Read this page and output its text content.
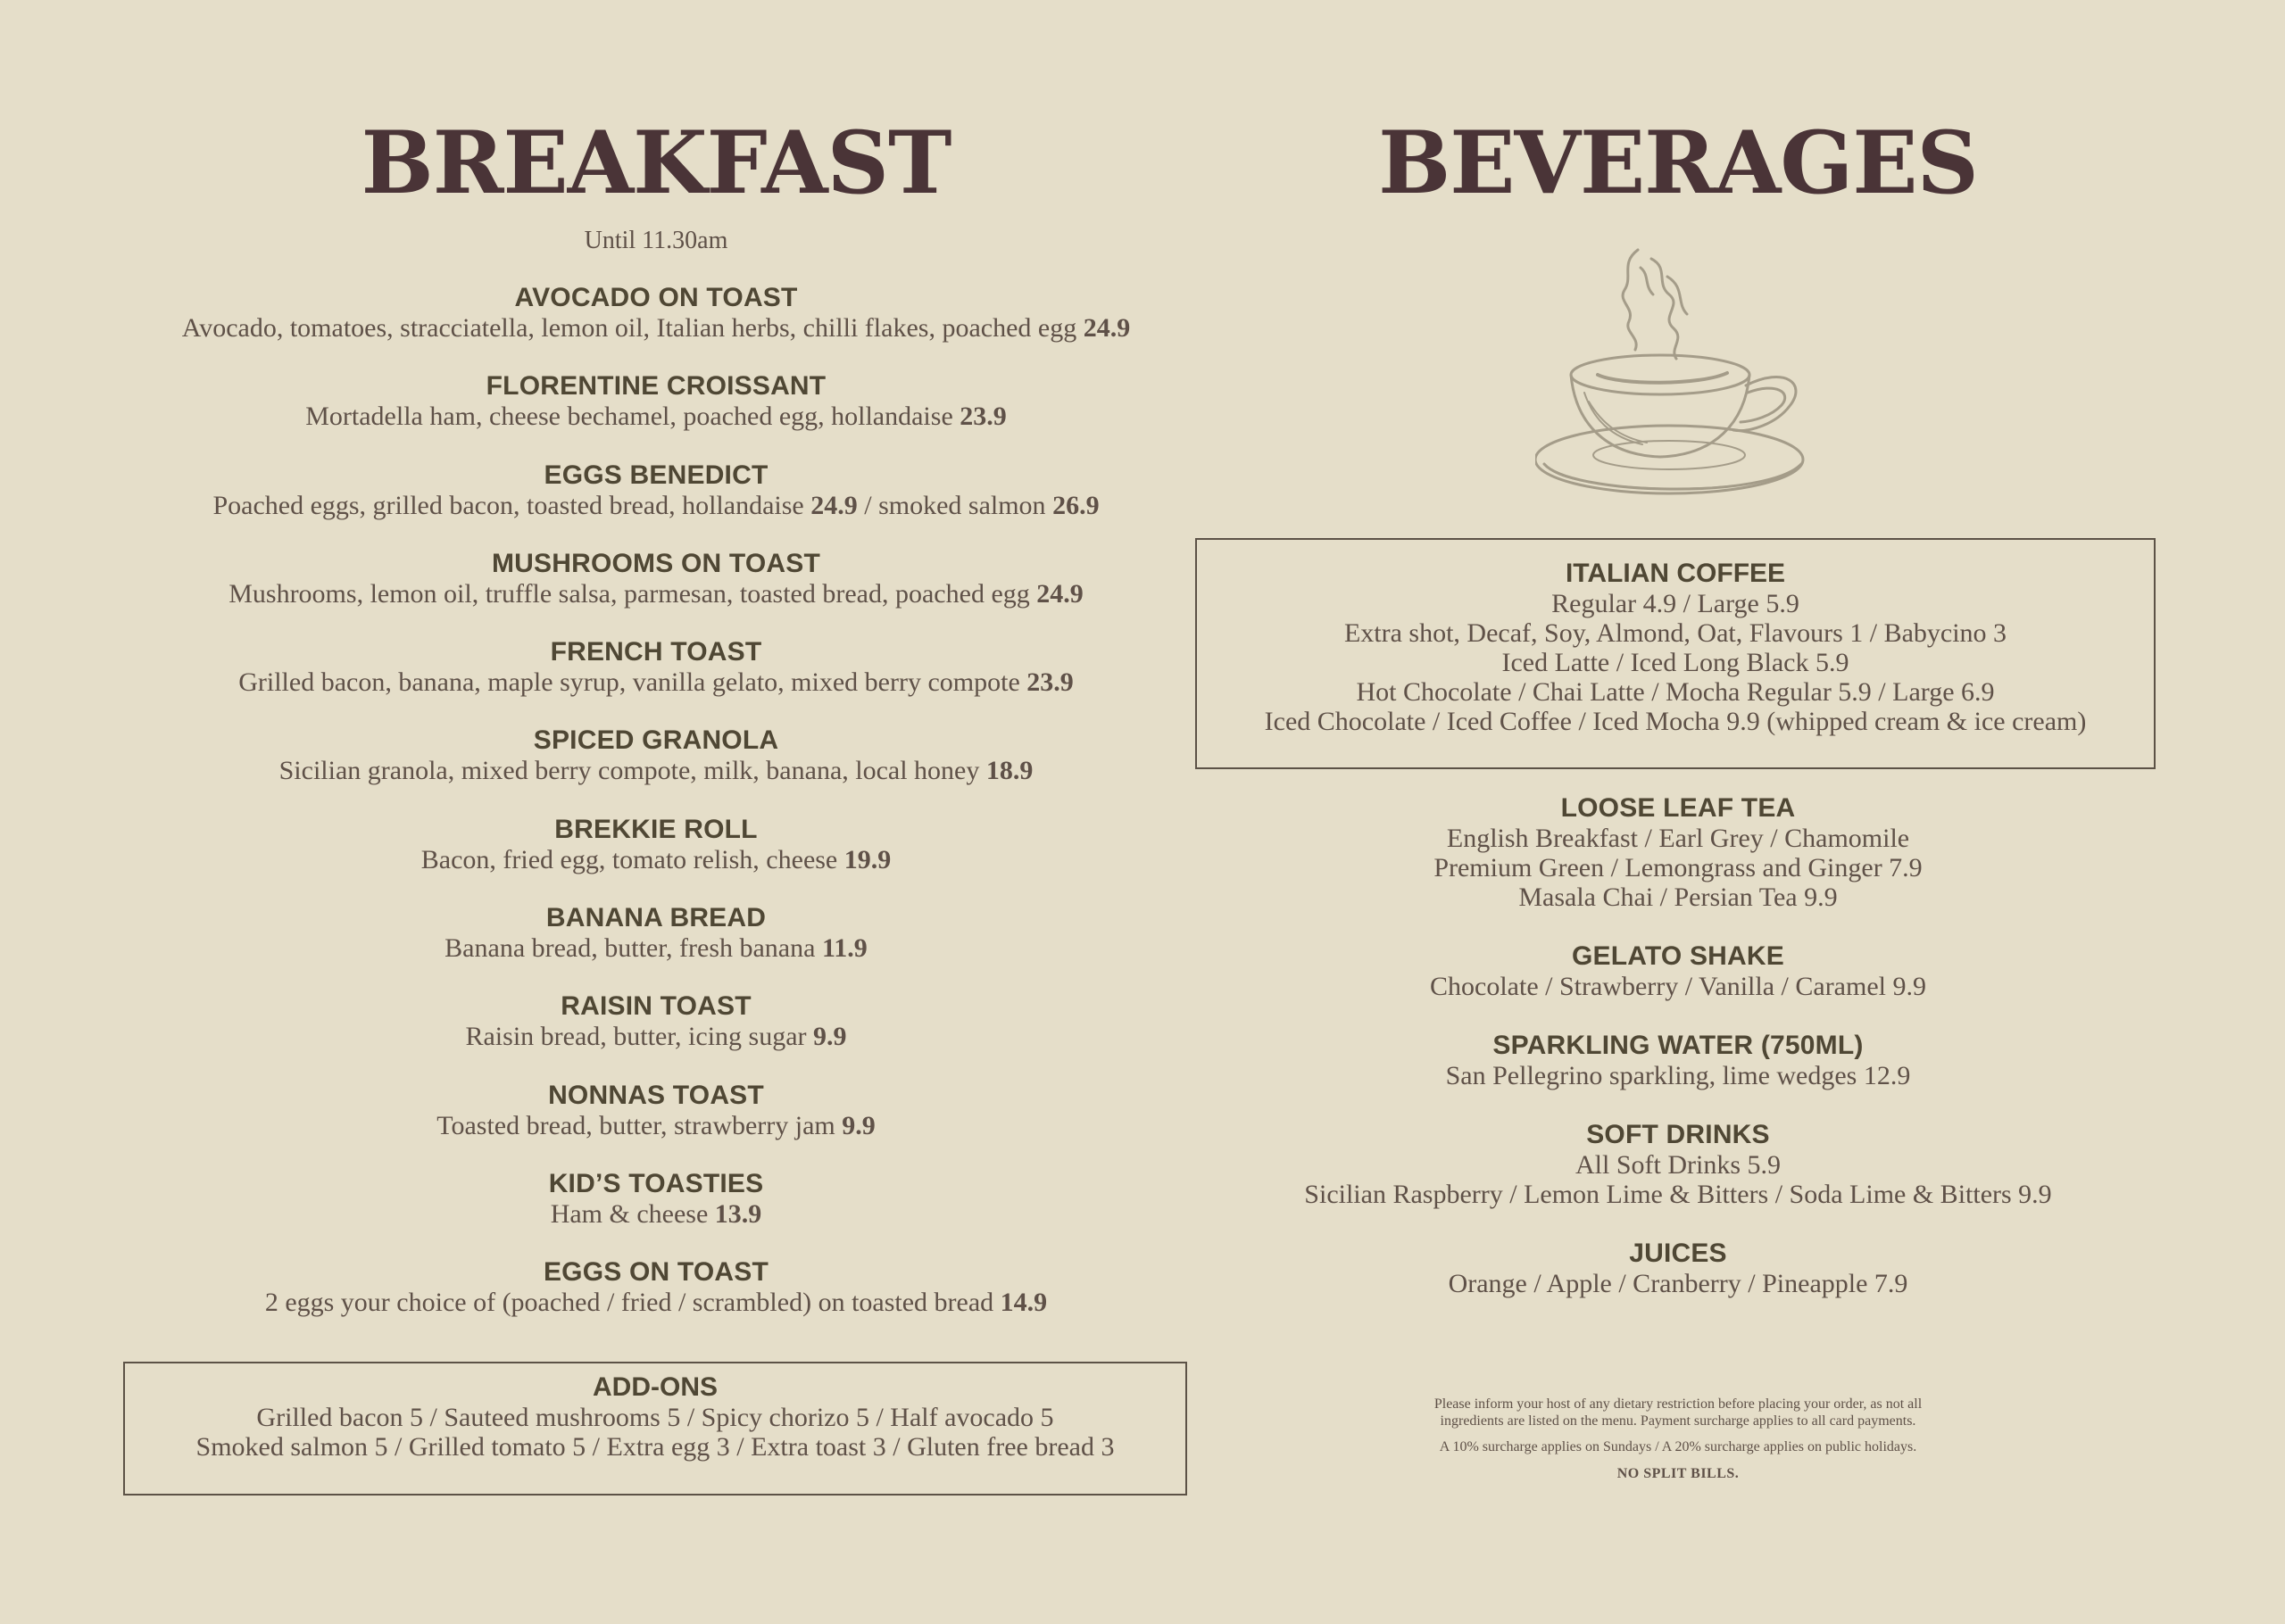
BREAKFAST
Until 11.30am
AVOCADO ON TOAST
Avocado, tomatoes, stracciatella, lemon oil, Italian herbs, chilli flakes, poached egg 24.9
FLORENTINE CROISSANT
Mortadella ham, cheese bechamel, poached egg, hollandaise 23.9
EGGS BENEDICT
Poached eggs, grilled bacon, toasted bread, hollandaise 24.9 / smoked salmon 26.9
MUSHROOMS ON TOAST
Mushrooms, lemon oil, truffle salsa, parmesan, toasted bread, poached egg 24.9
FRENCH TOAST
Grilled bacon, banana, maple syrup, vanilla gelato, mixed berry compote 23.9
SPICED GRANOLA
Sicilian granola, mixed berry compote, milk, banana, local honey 18.9
BREKKIE ROLL
Bacon, fried egg, tomato relish, cheese 19.9
BANANA BREAD
Banana bread, butter, fresh banana 11.9
RAISIN TOAST
Raisin bread, butter, icing sugar 9.9
NONNAS TOAST
Toasted bread, butter, strawberry jam 9.9
KID’S TOASTIES
Ham & cheese 13.9
EGGS ON TOAST
2 eggs your choice of (poached / fried / scrambled) on toasted bread 14.9
ADD-ONS
Grilled bacon 5 / Sauteed mushrooms 5 / Spicy chorizo 5 / Half avocado 5
Smoked salmon 5 / Grilled tomato 5 / Extra egg 3 / Extra toast 3 / Gluten free bread 3
BEVERAGES
ITALIAN COFFEE
Regular 4.9 / Large 5.9
Extra shot, Decaf, Soy, Almond, Oat, Flavours 1 / Babycino 3
Iced Latte / Iced Long Black 5.9
Hot Chocolate / Chai Latte / Mocha Regular 5.9 / Large 6.9
Iced Chocolate / Iced Coffee / Iced Mocha 9.9 (whipped cream & ice cream)
LOOSE LEAF TEA
English Breakfast / Earl Grey / Chamomile
Premium Green / Lemongrass and Ginger 7.9
Masala Chai / Persian Tea 9.9
GELATO SHAKE
Chocolate / Strawberry / Vanilla / Caramel 9.9
SPARKLING WATER (750ML)
San Pellegrino sparkling, lime wedges 12.9
SOFT DRINKS
All Soft Drinks 5.9
Sicilian Raspberry / Lemon Lime & Bitters / Soda Lime & Bitters 9.9
JUICES
Orange / Apple / Cranberry / Pineapple 7.9
Please inform your host of any dietary restriction before placing your order, as not all
ingredients are listed on the menu. Payment surcharge applies to all card payments.
A 10% surcharge applies on Sundays / A 20% surcharge applies on public holidays.
NO SPLIT BILLS.
